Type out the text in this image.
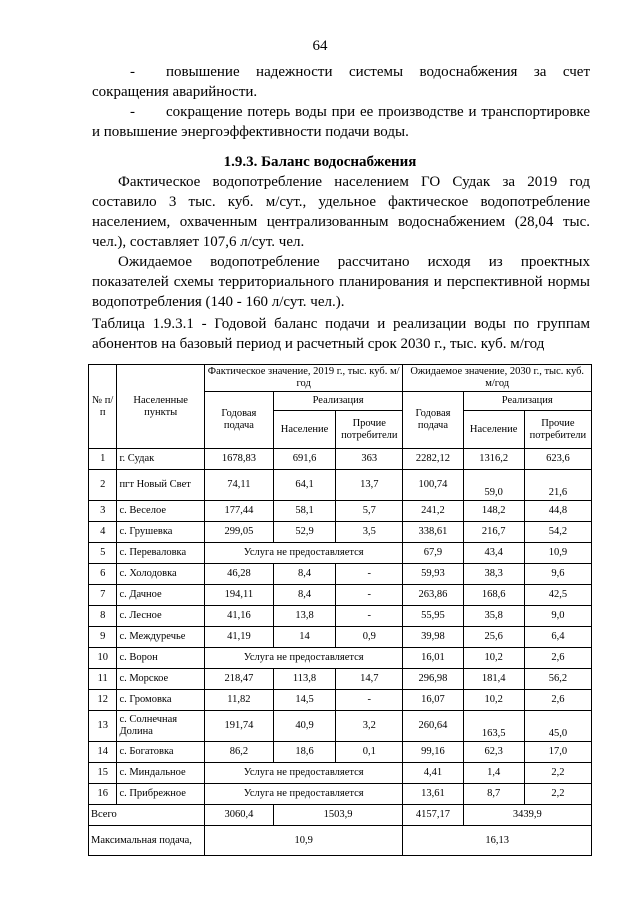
64

- повышение надежности системы водоснабжения за счет сокращения аварийности.

- сокращение потерь воды при ее производстве и транспортировке и повышение энергоэффективности подачи воды.

1.9.3. Баланс водоснабжения

Фактическое водопотребление населением ГО Судак за 2019 год составило 3 тыс. куб. м/сут., удельное фактическое водопотребление населением, охваченным централизованным водоснабжением (28,04 тыс. чел.), составляет 107,6 л/сут. чел.

Ожидаемое водопотребление рассчитано исходя из проектных показателей схемы территориального планирования и перспективной нормы водопотребления (140 - 160 л/сут. чел.).

Таблица 1.9.3.1 - Годовой баланс подачи и реализации воды по группам абонентов на базовый период и расчетный срок 2030 г., тыс. куб. м/год

№ п/п	Населенные пункты	Фактическое значение, 2019 г., тыс. куб. м/год			Ожидаемое значение, 2030 г., тыс. куб. м/год		
		Годовая подача	Реализация		Годовая подача	Реализация	
			Население	Прочие потребители		Население	Прочие потребители
1	г. Судак	1678,83	691,6	363	2282,12	1316,2	623,6
2	пгт Новый Свет	74,11	64,1	13,7	100,74	59,0	21,6
3	с. Веселое	177,44	58,1	5,7	241,2	148,2	44,8
4	с. Грушевка	299,05	52,9	3,5	338,61	216,7	54,2
5	с. Перевалoвка	Услуга не предоставляется			67,9	43,4	10,9
6	с. Холодовка	46,28	8,4	-	59,93	38,3	9,6
7	с. Дачное	194,11	8,4	-	263,86	168,6	42,5
8	с. Лесное	41,16	13,8	-	55,95	35,8	9,0
9	с. Междуречье	41,19	14	0,9	39,98	25,6	6,4
10	с. Ворон	Услуга не предоставляется			16,01	10,2	2,6
11	с. Морское	218,47	113,8	14,7	296,98	181,4	56,2
12	с. Громовка	11,82	14,5	-	16,07	10,2	2,6
13	с. Солнечная Долина	191,74	40,9	3,2	260,64	163,5	45,0
14	с. Богатовка	86,2	18,6	0,1	99,16	62,3	17,0
15	с. Миндальное	Услуга не предоставляется			4,41	1,4	2,2
16	с. Прибрежное	Услуга не предоставляется			13,61	8,7	2,2
Всего		3060,4	1503,9		4157,17	3439,9	
Максимальная подача,		10,9			16,13		
